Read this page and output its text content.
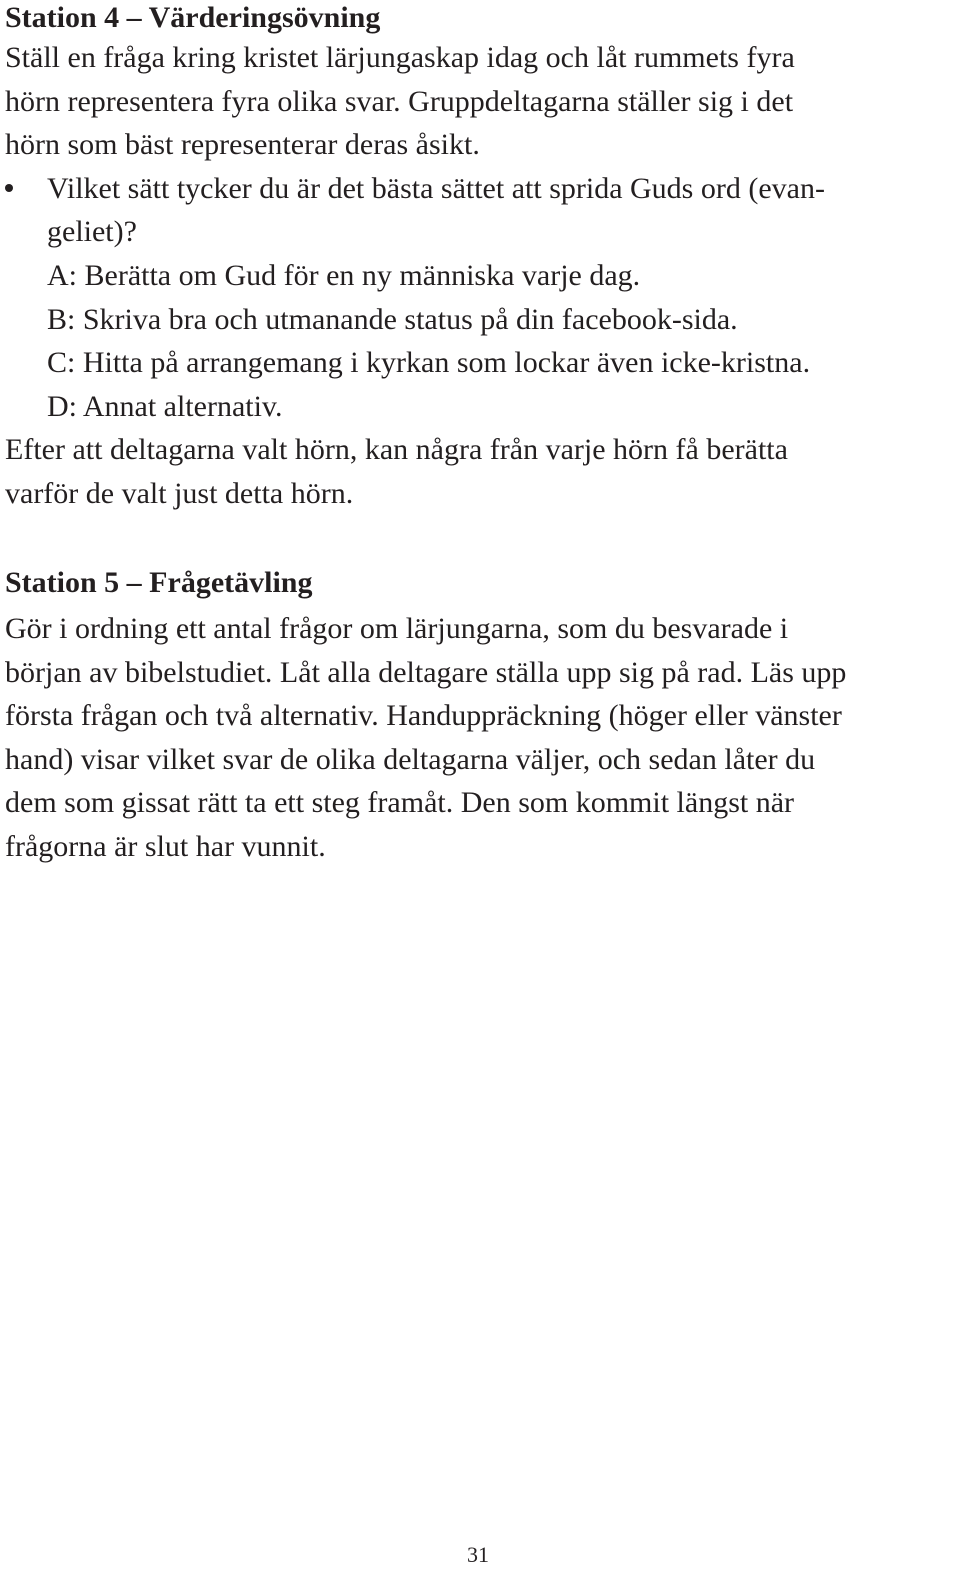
Station 4 – Värderingsövning
Ställ en fråga kring kristet lärjungaskap idag och låt rummets fyra
hörn representera fyra olika svar. Gruppdeltagarna ställer sig i det
hörn som bäst representerar deras åsikt.
Vilket sätt tycker du är det bästa sättet att sprida Guds ord (evan-
geliet)?
A: Berätta om Gud för en ny människa varje dag.
B: Skriva bra och utmanande status på din facebook-sida.
C: Hitta på arrangemang i kyrkan som lockar även icke-kristna.
D: Annat alternativ.
Efter att deltagarna valt hörn, kan några från varje hörn få berätta
varför de valt just detta hörn.
Station 5 – Frågetävling
Gör i ordning ett antal frågor om lärjungarna, som du besvarade i
början av bibelstudiet. Låt alla deltagare ställa upp sig på rad. Läs upp
första frågan och två alternativ. Handuppräckning (höger eller vänster
hand) visar vilket svar de olika deltagarna väljer, och sedan låter du
dem som gissat rätt ta ett steg framåt. Den som kommit längst när
frågorna är slut har vunnit.
31
